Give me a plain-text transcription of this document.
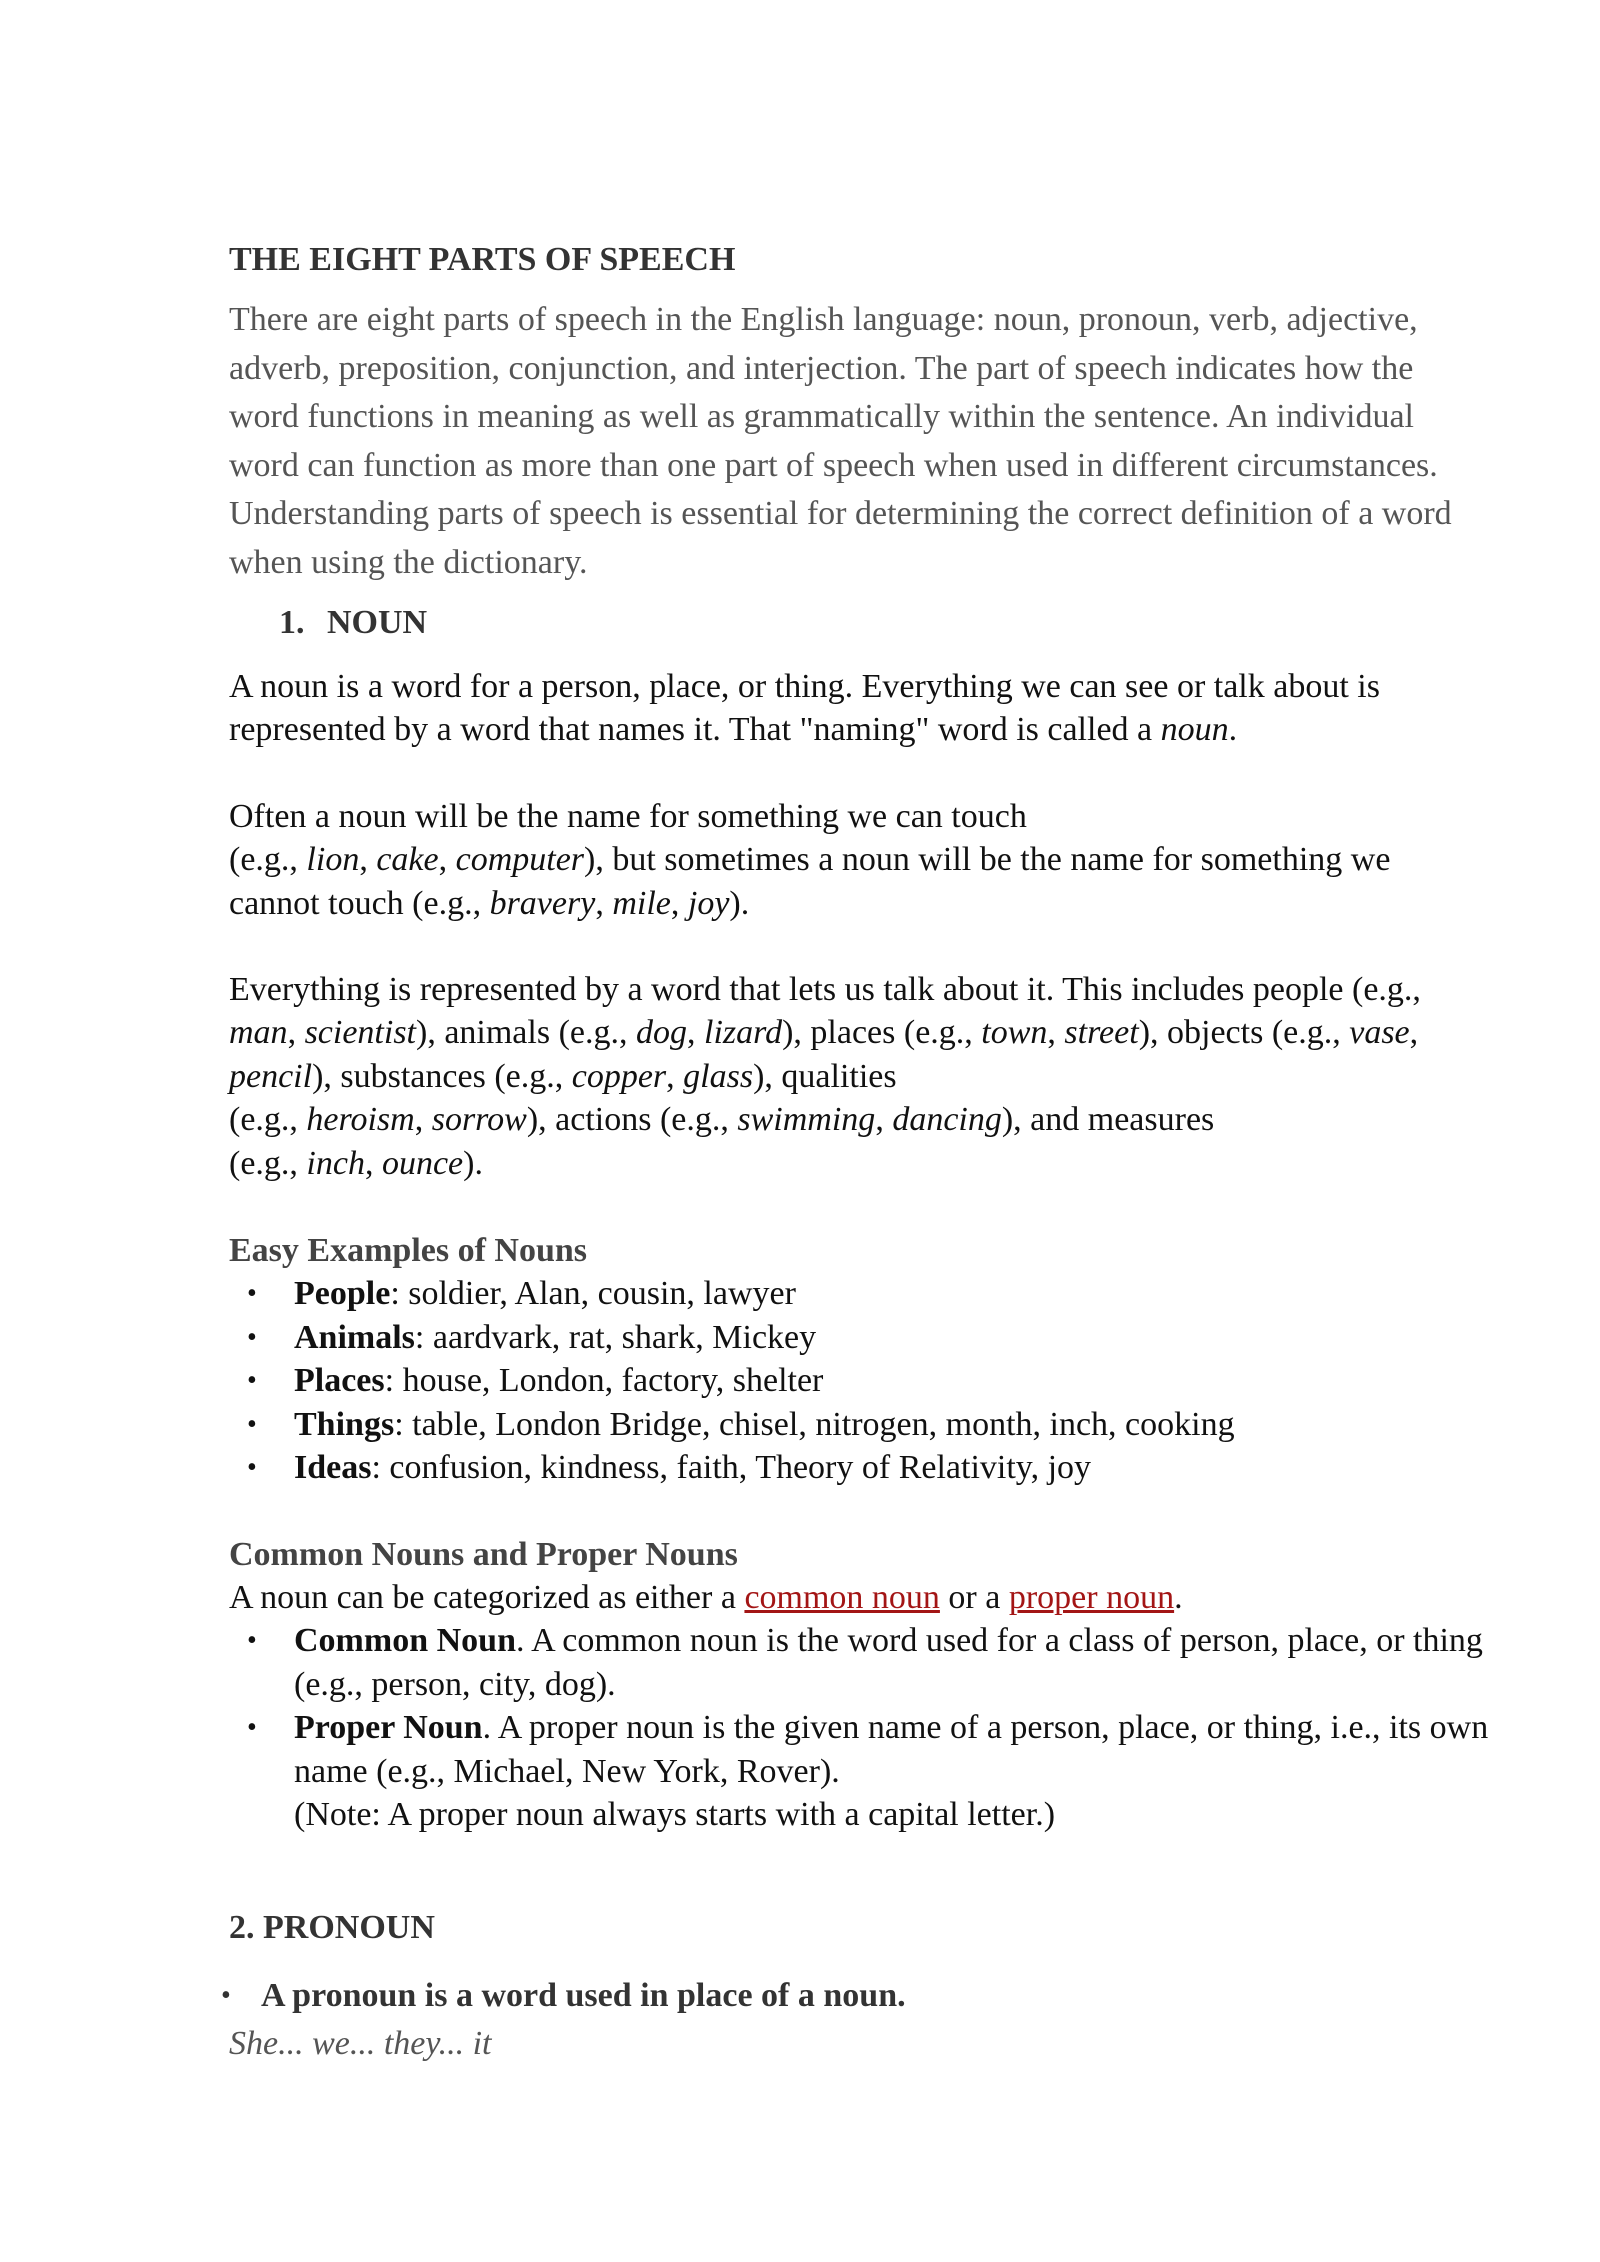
THE EIGHT PARTS OF SPEECH

There are eight parts of speech in the English language: noun, pronoun, verb, adjective, adverb, preposition, conjunction, and interjection. The part of speech indicates how the word functions in meaning as well as grammatically within the sentence. An individual word can function as more than one part of speech when used in different circumstances. Understanding parts of speech is essential for determining the correct definition of a word when using the dictionary.

1. NOUN

A noun is a word for a person, place, or thing. Everything we can see or talk about is represented by a word that names it. That "naming" word is called a noun.

Often a noun will be the name for something we can touch
(e.g., lion, cake, computer), but sometimes a noun will be the name for something we cannot touch (e.g., bravery, mile, joy).

Everything is represented by a word that lets us talk about it. This includes people (e.g., man, scientist), animals (e.g., dog, lizard), places (e.g., town, street), objects (e.g., vase, pencil), substances (e.g., copper, glass), qualities
(e.g., heroism, sorrow), actions (e.g., swimming, dancing), and measures
(e.g., inch, ounce).

Easy Examples of Nouns
• People: soldier, Alan, cousin, lawyer
• Animals: aardvark, rat, shark, Mickey
• Places: house, London, factory, shelter
• Things: table, London Bridge, chisel, nitrogen, month, inch, cooking
• Ideas: confusion, kindness, faith, Theory of Relativity, joy
Common Nouns and Proper Nouns
A noun can be categorized as either a common noun or a proper noun.
• Common Noun. A common noun is the word used for a class of person, place, or thing (e.g., person, city, dog).
• Proper Noun. A proper noun is the given name of a person, place, or thing, i.e., its own name (e.g., Michael, New York, Rover).
(Note: A proper noun always starts with a capital letter.)
2. PRONOUN
• A pronoun is a word used in place of a noun.
She... we... they... it
